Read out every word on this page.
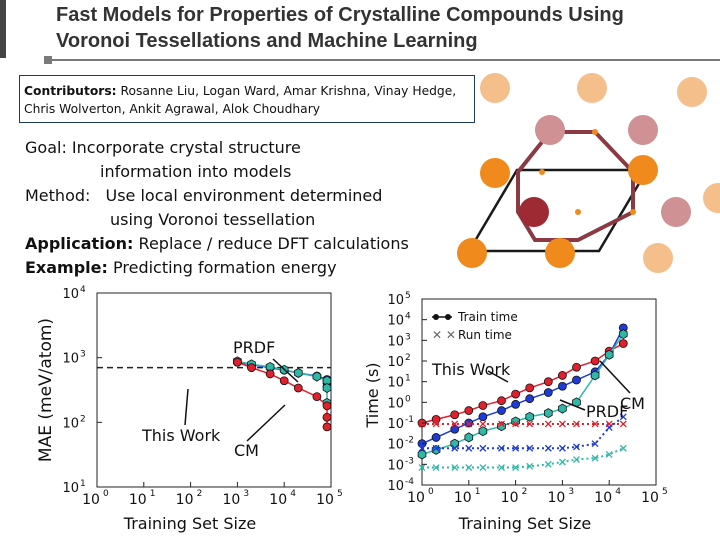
Fast Models for Properties of Crystalline Compounds Using
Voronoi Tessellations and Machine Learning
Contributors: Rosanne Liu, Logan Ward, Amar Krishna, Vinay Hedge,
Chris Wolverton, Ankit Agrawal, Alok Choudhary
Goal: Incorporate crystal structure
information into models
Method: Use local environment determined
using Voronoi tessellation
Application: Replace / reduce DFT calculations
Example: Predicting formation energy
10 0 10 1 10 2 10 3 10 4 10 5
10 1
10 2
10 3
10 4
Training Set Size
MAE (meV/atom)	PRDF
This Work
CM
10 0 10 1 10 2 10 3 10 4 10 5
10 -4
10 -3
10 -2
10 -1
10 0
10 1
10 2
10 3
10 4
10 5
Training Set Size
Time (s)
Train time
✕ ✕ Run time
This Work
PRDF
CM
